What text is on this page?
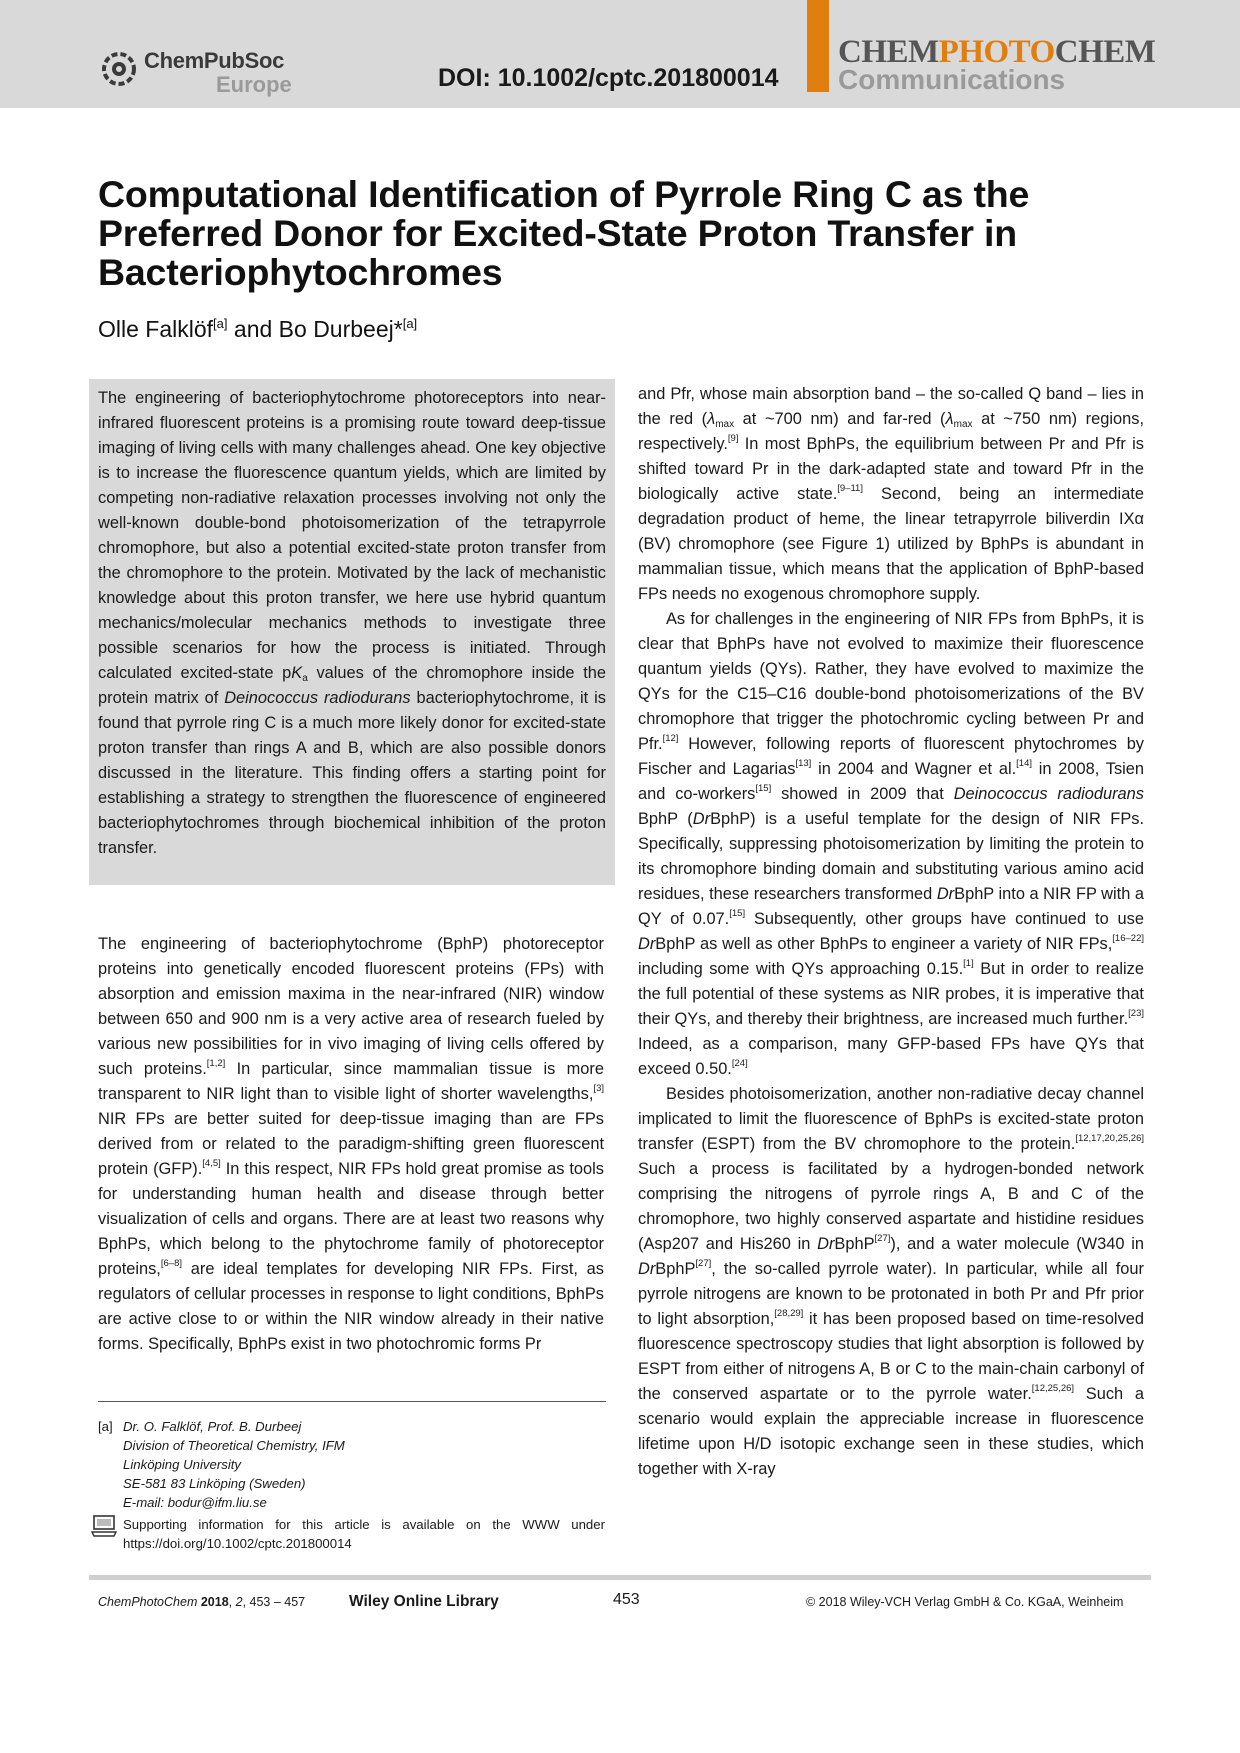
ChemPubSoc
Europe	DOI: 10.1002/cptc.201800014
CHEMPHOTOCHEM
Communications
Computational Identification of Pyrrole Ring C as the Preferred Donor for Excited-State Proton Transfer in Bacteriophytochromes
Olle Falklöf[a] and Bo Durbeej*[a]

The engineering of bacteriophytochrome photoreceptors into near-infrared fluorescent proteins is a promising route toward deep-tissue imaging of living cells with many challenges ahead. One key objective is to increase the fluorescence quantum yields, which are limited by competing non-radiative relaxation processes involving not only the well-known double-bond photoisomerization of the tetrapyrrole chromophore, but also a potential excited-state proton transfer from the chromophore to the protein. Motivated by the lack of mechanistic knowledge about this proton transfer, we here use hybrid quantum mechanics/molecular mechanics methods to investigate three possible scenarios for how the process is initiated. Through calculated excited-state $pK_a$ values of the chromophore inside the protein matrix of Deinococcus radiodurans bacteriophytochrome, it is found that pyrrole ring C is a much more likely donor for excited-state proton transfer than rings A and B, which are also possible donors discussed in the literature. This finding offers a starting point for establishing a strategy to strengthen the fluorescence of engineered bacteriophytochromes through biochemical inhibition of the proton transfer.

The engineering of bacteriophytochrome (BphP) photoreceptor proteins into genetically encoded fluorescent proteins (FPs) with absorption and emission maxima in the near-infrared (NIR) window between 650 and 900 nm is a very active area of research fueled by various new possibilities for in vivo imaging of living cells offered by such proteins.[1,2] In particular, since mammalian tissue is more transparent to NIR light than to visible light of shorter wavelengths,[3] NIR FPs are better suited for deep-tissue imaging than are FPs derived from or related to the paradigm-shifting green fluorescent protein (GFP).[4,5] In this respect, NIR FPs hold great promise as tools for understanding human health and disease through better visualization of cells and organs. There are at least two reasons why BphPs, which belong to the phytochrome family of photoreceptor proteins,[6–8] are ideal templates for developing NIR FPs. First, as regulators of cellular processes in response to light conditions, BphPs are active close to or within the NIR window already in their native forms. Specifically, BphPs exist in two photochromic forms Pr

and Pfr, whose main absorption band – the so-called Q band – lies in the red ($\lambda_{max}$ at ~700 nm) and far-red ($\lambda_{max}$ at ~750 nm) regions, respectively.[9] In most BphPs, the equilibrium between Pr and Pfr is shifted toward Pr in the dark-adapted state and toward Pfr in the biologically active state.[9–11] Second, being an intermediate degradation product of heme, the linear tetrapyrrole biliverdin IXα (BV) chromophore (see Figure 1) utilized by BphPs is abundant in mammalian tissue, which means that the application of BphP-based FPs needs no exogenous chromophore supply.

As for challenges in the engineering of NIR FPs from BphPs, it is clear that BphPs have not evolved to maximize their fluorescence quantum yields (QYs). Rather, they have evolved to maximize the QYs for the C15–C16 double-bond photoisomerizations of the BV chromophore that trigger the photochromic cycling between Pr and Pfr.[12] However, following reports of fluorescent phytochromes by Fischer and Lagarias[13] in 2004 and Wagner et al.[14] in 2008, Tsien and co-workers[15] showed in 2009 that Deinococcus radiodurans BphP (DrBphP) is a useful template for the design of NIR FPs. Specifically, suppressing photoisomerization by limiting the protein to its chromophore binding domain and substituting various amino acid residues, these researchers transformed DrBphP into a NIR FP with a QY of 0.07.[15] Subsequently, other groups have continued to use DrBphP as well as other BphPs to engineer a variety of NIR FPs,[16–22] including some with QYs approaching 0.15.[1] But in order to realize the full potential of these systems as NIR probes, it is imperative that their QYs, and thereby their brightness, are increased much further.[23] Indeed, as a comparison, many GFP-based FPs have QYs that exceed 0.50.[24]

Besides photoisomerization, another non-radiative decay channel implicated to limit the fluorescence of BphPs is excited-state proton transfer (ESPT) from the BV chromophore to the protein.[12,17,20,25,26] Such a process is facilitated by a hydrogen-bonded network comprising the nitrogens of pyrrole rings A, B and C of the chromophore, two highly conserved aspartate and histidine residues (Asp207 and His260 in DrBphP[27]), and a water molecule (W340 in DrBphP[27], the so-called pyrrole water). In particular, while all four pyrrole nitrogens are known to be protonated in both Pr and Pfr prior to light absorption,[28,29] it has been proposed based on time-resolved fluorescence spectroscopy studies that light absorption is followed by ESPT from either of nitrogens A, B or C to the main-chain carbonyl of the conserved aspartate or to the pyrrole water.[12,25,26] Such a scenario would explain the appreciable increase in fluorescence lifetime upon H/D isotopic exchange seen in these studies, which together with X-ray

[a] Dr. O. Falklöf, Prof. B. Durbeej
Division of Theoretical Chemistry, IFM
Linköping University
SE-581 83 Linköping (Sweden)
E-mail: bodur@ifm.liu.se
Supporting information for this article is available on the WWW under https://doi.org/10.1002/cptc.201800014
ChemPhotoChem 2018, 2, 453 – 457	Wiley Online Library	453	© 2018 Wiley-VCH Verlag GmbH & Co. KGaA, Weinheim
